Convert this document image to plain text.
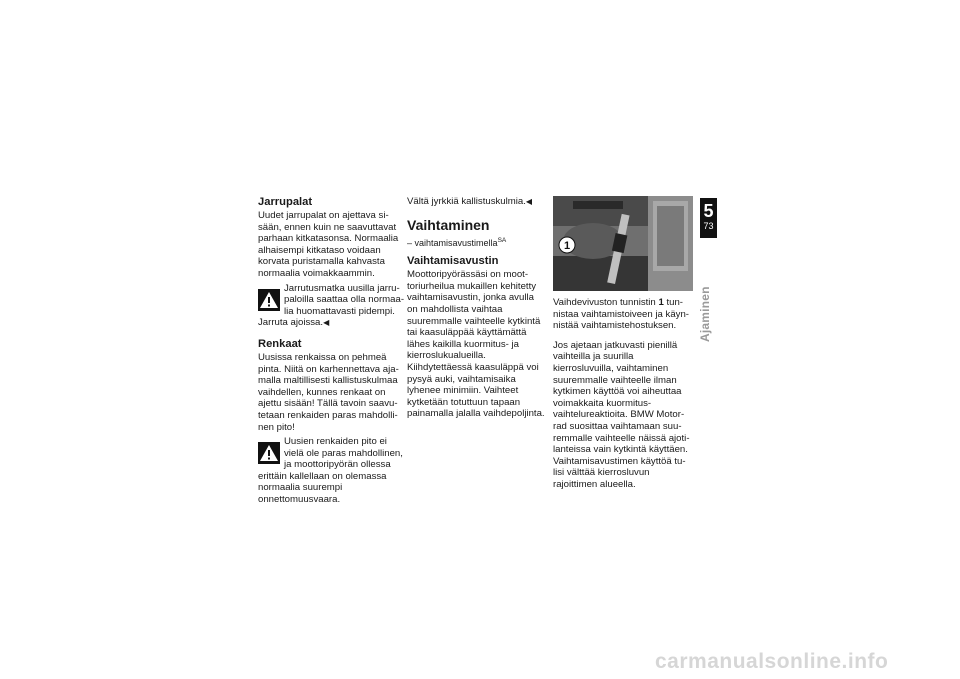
Jarrupalat

Uudet jarrupalat on ajettava sisään, ennen kuin ne saavuttavat parhaan kitkatasonsa. Normaalia alhaisempi kitkataso voidaan korvata puristamalla kahvasta normaalia voimakkaammin.

Jarrutusmatka uusilla jarrupaloilla saattaa olla normaalia huomattavasti pidempi. Jarruta ajoissa.◀
Renkaat

Uusissa renkaissa on pehmeä pinta. Niitä on karhennettava ajamalla maltillisesti kallistuskulmaa vaihdellen, kunnes renkaat on ajettu sisään! Tällä tavoin saavutetaan renkaiden paras mahdollinen pito!

Uusien renkaiden pito ei vielä ole paras mahdollinen, ja moottoripyörän ollessa erittäin kallellaan on olemassa normaalia suurempi onnettomuusvaara.

Vältä jyrkkiä kallistuskulmia.◀

Vaihtaminen

– vaihtamisavustimella$^{SA}$

Vaihtamisavustin

Moottoripyörässäsi on moottoriurheilua mukaillen kehitetty vaihtamisavustin, jonka avulla on mahdollista vaihtaa suuremmalle vaihteelle kytkintä tai kaasuläppää käyttämättä lähes kaikilla kuormitus- ja kierroslukualueilla. Kiihdytettäessä kaasuläppä voi pysyä auki, vaihtamisaika lyhenee minimiin. Vaihteet kytketään totuttuun tapaan painamalla jalalla vaihdepoljinta.

1

Vaihdevivuston tunnistin 1 tunnistaa vaihtamistoiveen ja käynnistää vaihtamistehostuksen.

Jos ajetaan jatkuvasti pienillä vaihteilla ja suurilla kierrosluvuilla, vaihtaminen suuremmalle vaihteelle ilman kytkimen käyttöä voi aiheuttaa voimakkaita kuormitusvaihtelureaktioita. BMW Motorrad suosittaa vaihtamaan suuremmalle vaihteelle näissä ajotilanteissa vain kytkintä käyttäen. Vaihtamisavustimen käyttöä tulisi välttää kierrosluvun rajoittimen alueella.

5
73
Ajaminen
carmanualsonline.info
